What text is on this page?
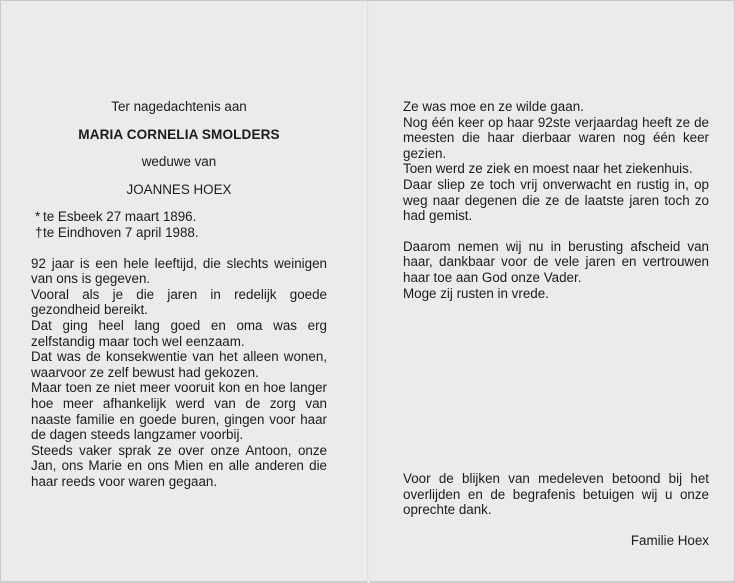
Ter nagedachtenis aan
MARIA CORNELIA SMOLDERS
weduwe van
JOANNES HOEX
* te Esbeek 27 maart 1896.
†te Eindhoven 7 april 1988.

92 jaar is een hele leeftijd, die slechts weinigen van ons is gegeven.

Vooral als je die jaren in redelijk goede gezondheid bereikt.

Dat ging heel lang goed en oma was erg zelfstandig maar toch wel eenzaam.

Dat was de konsekwentie van het alleen wonen, waarvoor ze zelf bewust had gekozen.

Maar toen ze niet meer vooruit kon en hoe langer hoe meer afhankelijk werd van de zorg van naaste familie en goede buren, gingen voor haar de dagen steeds langzamer voorbij.

Steeds vaker sprak ze over onze Antoon, onze Jan, ons Marie en ons Mien en alle anderen die haar reeds voor waren gegaan.

Ze was moe en ze wilde gaan.

Nog één keer op haar 92ste verjaardag heeft ze de meesten die haar dierbaar waren nog één keer gezien.

Toen werd ze ziek en moest naar het ziekenhuis.

Daar sliep ze toch vrij onverwacht en rustig in, op weg naar degenen die ze de laatste jaren toch zo had gemist.

Daarom nemen wij nu in berusting afscheid van haar, dankbaar voor de vele jaren en vertrouwen haar toe aan God onze Vader.

Moge zij rusten in vrede.

Voor de blijken van medeleven betoond bij het overlijden en de begrafenis betuigen wij u onze oprechte dank.

Familie Hoex
